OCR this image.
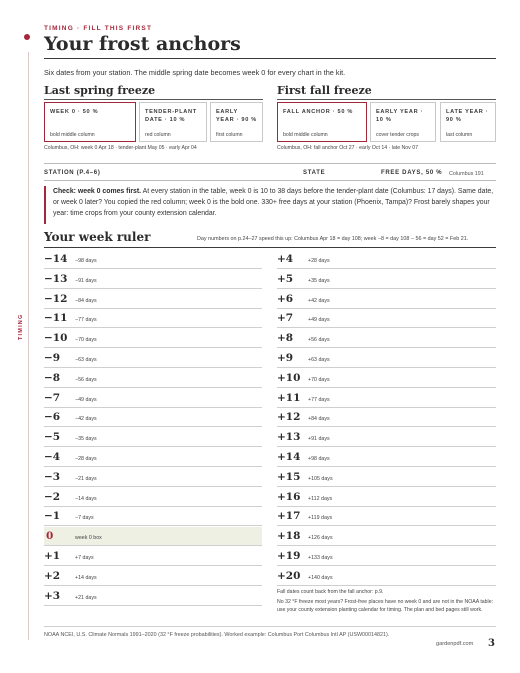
TIMING
TIMING · FILL THIS FIRST
Your frost anchors
Six dates from your station. The middle spring date becomes week 0 for every chart in the kit.
Last spring freeze
WEEK 0 · 50 %
bold middle column
TENDER-PLANT DATE · 10 %
red column
EARLY YEAR · 90 %
first column
Columbus, OH: week 0 Apr 18 · tender-plant May 05 · early Apr 04
First fall freeze
FALL ANCHOR · 50 %
bold middle column
EARLY YEAR · 10 %
cover tender crops
LATE YEAR · 90 %
last column
Columbus, OH: fall anchor Oct 27 · early Oct 14 · late Nov 07
STATION (P.4–6)	STATE	FREE DAYS, 50 % Columbus 191

Check: week 0 comes first. At every station in the table, week 0 is 10 to 38 days before the tender-plant date (Columbus: 17 days). Same date, or week 0 later? You copied the red column; week 0 is the bold one. 330+ free days at your station (Phoenix, Tampa)? Frost barely shapes your year: time crops from your county extension calendar.

Your week ruler	Day numbers on p.24–27 speed this up: Columbus Apr 18 = day 108; week −8 = day 108 − 56 = day 52 = Feb 21.
−14 −98 days
−13 −91 days
−12 −84 days
−11 −77 days
−10 −70 days
−9	−63 days
−8	−56 days
−7	−49 days
−6	−42 days
−5	−35 days
−4	−28 days
−3	−21 days
−2	−14 days
−1	−7 days
0	week 0 box
+1	+7 days
+2	+14 days
+3	+21 days
+4	+28 days
+5	+35 days
+6	+42 days
+7	+49 days
+8	+56 days
+9	+63 days
+10 +70 days
+11 +77 days
+12 +84 days
+13 +91 days
+14 +98 days
+15 +105 days
+16 +112 days
+17 +119 days
+18 +126 days
+19 +133 days
+20 +140 days
Fall dates count back from the fall anchor: p.9.
No 32 °F freeze most years? Frost-free places have no week 0 and are not in the NOAA table: use your county extension planting calendar for timing. The plan and bed pages still work.
NOAA NCEI, U.S. Climate Normals 1991–2020 (32 °F freeze probabilities). Worked example: Columbus Port Columbus Intl AP (USW00014821).
gardenpdf.com 3
